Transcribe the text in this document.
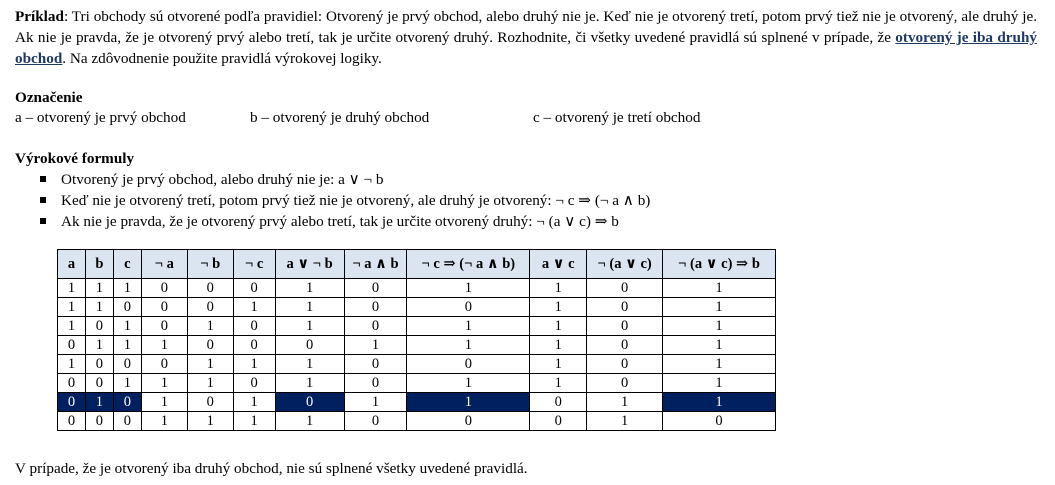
Príklad: Tri obchody sú otvorené podľa pravidiel: Otvorený je prvý obchod, alebo druhý nie je. Keď nie je otvorený tretí, potom prvý tiež nie je otvorený, ale druhý je. Ak nie je pravda, že je otvorený prvý alebo tretí, tak je určite otvorený druhý. Rozhodnite, či všetky uvedené pravidlá sú splnené v prípade, že otvorený je iba druhý obchod. Na zdôvodnenie použite pravidlá výrokovej logiky.

Označenie
a – otvorený je prvý obchod	b – otvorený je druhý obchod	c – otvorený je tretí obchod
Výrokové formuly
Otvorený je prvý obchod, alebo druhý nie je: a ∨ ¬ b
Keď nie je otvorený tretí, potom prvý tiež nie je otvorený, ale druhý je otvorený: ¬ c ⇒ (¬ a ∧ b)
Ak nie je pravda, že je otvorený prvý alebo tretí, tak je určite otvorený druhý: ¬ (a ∨ c) ⇒ b
a	b	c	¬ a	¬ b	¬ c	a ∨ ¬ b	¬ a ∧ b	¬ c ⇒ (¬ a ∧ b)	a ∨ c	¬ (a ∨ c)	¬ (a ∨ c) ⇒ b
1	1	1	0	0	0	1	0	1	1	0	1
1	1	0	0	0	1	1	0	0	1	0	1
1	0	1	0	1	0	1	0	1	1	0	1
0	1	1	1	0	0	0	1	1	1	0	1
1	0	0	0	1	1	1	0	0	1	0	1
0	0	1	1	1	0	1	0	1	1	0	1
0	1	0	1	0	1	0	1	1	0	1	1
0	0	0	1	1	1	1	0	0	0	1	0

V prípade, že je otvorený iba druhý obchod, nie sú splnené všetky uvedené pravidlá.
